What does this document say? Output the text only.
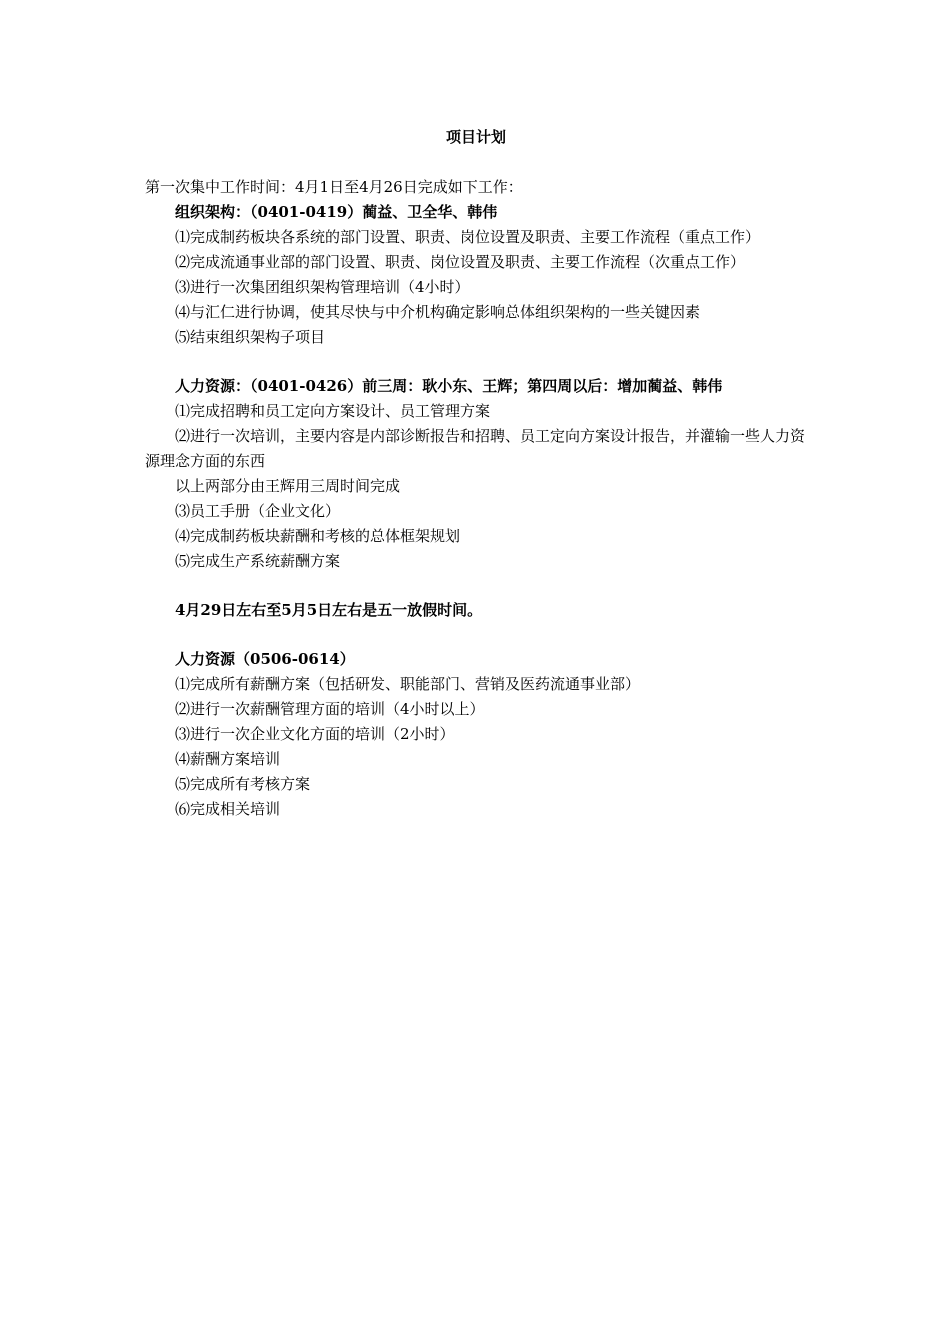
项目计划

第一次集中工作时间：4月1日至4月26日完成如下工作：

组织架构：（0401-0419）蔺益、卫全华、韩伟

⑴完成制药板块各系统的部门设置、职责、岗位设置及职责、主要工作流程（重点工作）

⑵完成流通事业部的部门设置、职责、岗位设置及职责、主要工作流程（次重点工作）

⑶进行一次集团组织架构管理培训（4小时）

⑷与汇仁进行协调，使其尽快与中介机构确定影响总体组织架构的一些关键因素

⑸结束组织架构子项目

人力资源：（0401-0426）前三周：耿小东、王辉；第四周以后：增加蔺益、韩伟

⑴完成招聘和员工定向方案设计、员工管理方案

⑵进行一次培训，主要内容是内部诊断报告和招聘、员工定向方案设计报告，并灌输一些人力资源理念方面的东西

以上两部分由王辉用三周时间完成

⑶员工手册（企业文化）

⑷完成制药板块薪酬和考核的总体框架规划

⑸完成生产系统薪酬方案

4月29日左右至5月5日左右是五一放假时间。

人力资源（0506-0614）

⑴完成所有薪酬方案（包括研发、职能部门、营销及医药流通事业部）

⑵进行一次薪酬管理方面的培训（4小时以上）

⑶进行一次企业文化方面的培训（2小时）

⑷薪酬方案培训

⑸完成所有考核方案

⑹完成相关培训
